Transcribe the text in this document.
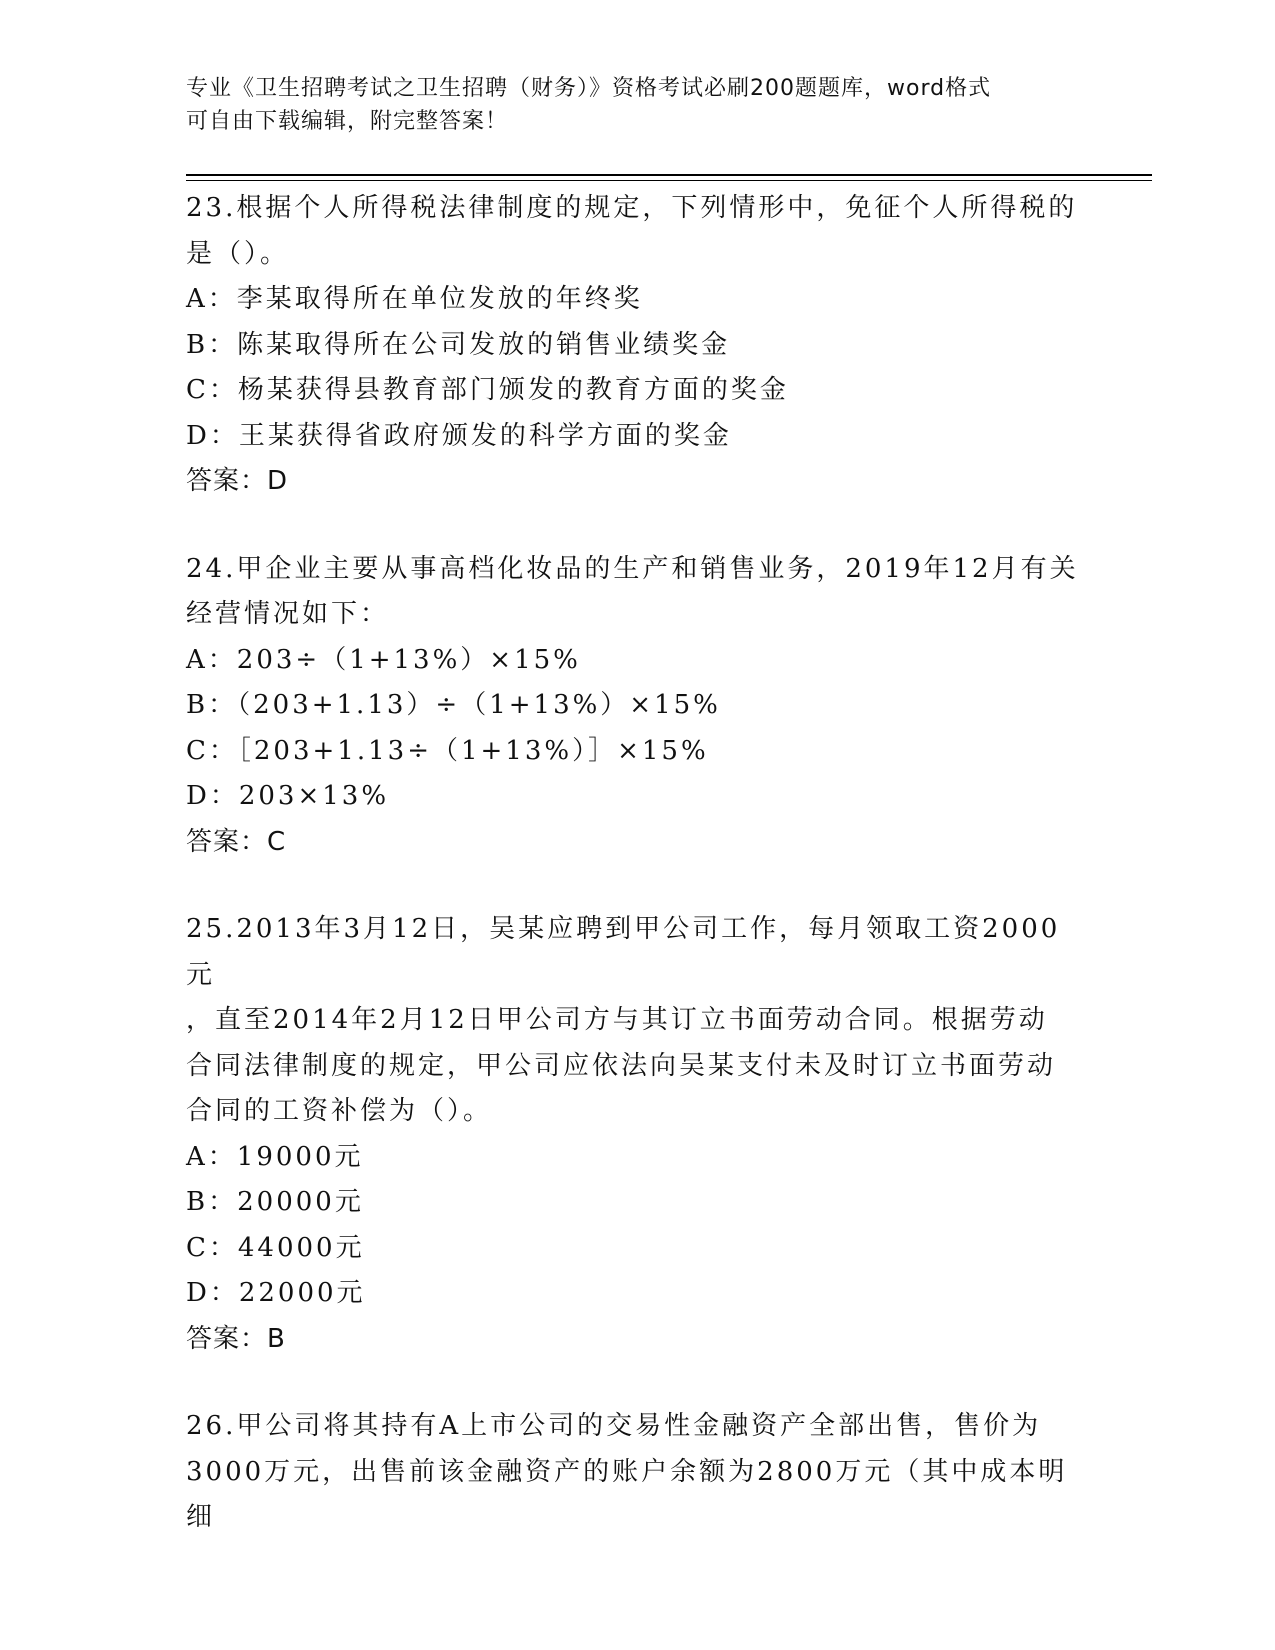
专业《卫生招聘考试之卫生招聘（财务）》资格考试必刷200题题库，word格式
可自由下载编辑，附完整答案！
23.根据个人所得税法律制度的规定，下列情形中，免征个人所得税的
是（）。
A：李某取得所在单位发放的年终奖
B：陈某取得所在公司发放的销售业绩奖金
C：杨某获得县教育部门颁发的教育方面的奖金
D：王某获得省政府颁发的科学方面的奖金
答案：D
24.甲企业主要从事高档化妆品的生产和销售业务，2019年12月有关
经营情况如下：
A：203÷（1+13%）×15%
B：（203+1.13）÷（1+13%）×15%
C：［203+1.13÷（1+13%）］×15%
D：203×13%
答案：C
25.2013年3月12日，吴某应聘到甲公司工作，每月领取工资2000元
，直至2014年2月12日甲公司方与其订立书面劳动合同。根据劳动
合同法律制度的规定，甲公司应依法向吴某支付未及时订立书面劳动
合同的工资补偿为（）。
A：19000元
B：20000元
C：44000元
D：22000元
答案：B
26.甲公司将其持有A上市公司的交易性金融资产全部出售，售价为
3000万元，出售前该金融资产的账户余额为2800万元（其中成本明细
